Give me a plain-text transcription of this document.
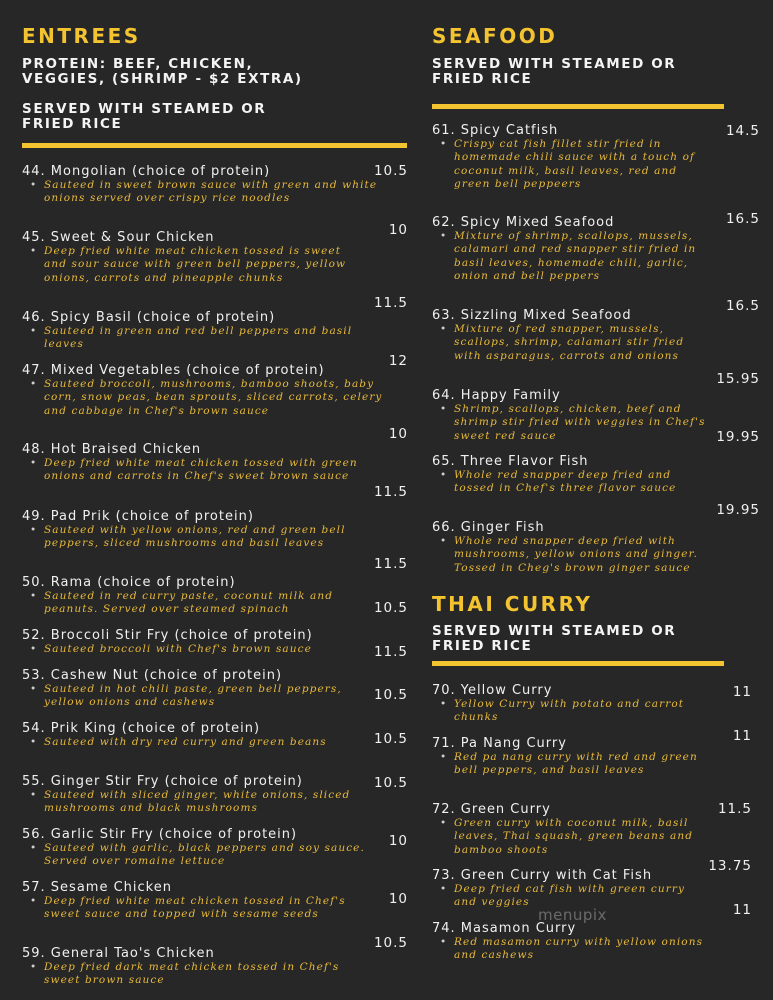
ENTREES
PROTEIN: BEEF, CHICKEN, VEGGIES, (SHRIMP - $2 EXTRA)
SERVED WITH STEAMED OR FRIED RICE
44. Mongolian (choice of protein)
• Sauteed in sweet brown sauce with green and white onions served over crispy rice noodles
45. Sweet & Sour Chicken
• Deep fried white meat chicken tossed is sweet and sour sauce with green bell peppers, yellow onions, carrots and pineapple chunks
46. Spicy Basil (choice of protein)
• Sauteed in green and red bell peppers and basil leaves
47. Mixed Vegetables (choice of protein)
• Sauteed broccoli, mushrooms, bamboo shoots, baby corn, snow peas, bean sprouts, sliced carrots, celery and cabbage in Chef's brown sauce
48. Hot Braised Chicken
• Deep fried white meat chicken tossed with green onions and carrots in Chef's sweet brown sauce
49. Pad Prik (choice of protein)
• Sauteed with yellow onions, red and green bell peppers, sliced mushrooms and basil leaves
50. Rama (choice of protein)
• Sauteed in red curry paste, coconut milk and peanuts. Served over steamed spinach
52. Broccoli Stir Fry (choice of protein)
• Sauteed broccoli with Chef's brown sauce
53. Cashew Nut (choice of protein)
• Sauteed in hot chili paste, green bell peppers, yellow onions and cashews
54. Prik King (choice of protein)
• Sauteed with dry red curry and green beans
55. Ginger Stir Fry (choice of protein)
• Sauteed with sliced ginger, white onions, sliced mushrooms and black mushrooms
56. Garlic Stir Fry (choice of protein)
• Sauteed with garlic, black peppers and soy sauce. Served over romaine lettuce
57. Sesame Chicken
• Deep fried white meat chicken tossed in Chef's sweet sauce and topped with sesame seeds
59. General Tao's Chicken
• Deep fried dark meat chicken tossed in Chef's sweet brown sauce
10.5
10
11.5
12
10
11.5
11.5
10.5
11.5
10.5
10.5
10.5
10
10
10.5
SEAFOOD
SERVED WITH STEAMED OR FRIED RICE
61. Spicy Catfish
• Crispy cat fish fillet stir fried in homemade chili sauce with a touch of coconut milk, basil leaves, red and green bell peppeers
62. Spicy Mixed Seafood
• Mixture of shrimp, scallops, mussels, calamari and red snapper stir fried in basil leaves, homemade chili, garlic, onion and bell peppers
63. Sizzling Mixed Seafood
• Mixture of red snapper, mussels, scallops, shrimp, calamari stir fried with asparagus, carrots and onions
64. Happy Family
• Shrimp, scallops, chicken, beef and shrimp stir fried with veggies in Chef's sweet red sauce
65. Three Flavor Fish
• Whole red snapper deep fried and tossed in Chef's three flavor sauce
66. Ginger Fish
• Whole red snapper deep fried with mushrooms, yellow onions and ginger. Tossed in Cheg's brown ginger sauce
THAI CURRY
SERVED WITH STEAMED OR FRIED RICE
70. Yellow Curry
• Yellow Curry with potato and carrot chunks
71. Pa Nang Curry
• Red pa nang curry with red and green bell peppers, and basil leaves
72. Green Curry
• Green curry with coconut milk, basil leaves, Thai squash, green beans and bamboo shoots
73. Green Curry with Cat Fish
• Deep fried cat fish with green curry and veggies
74. Masamon Curry
• Red masamon curry with yellow onions and cashews
14.5
16.5
16.5
15.95
19.95
19.95
11
11
11.5
13.75
11
menupix
